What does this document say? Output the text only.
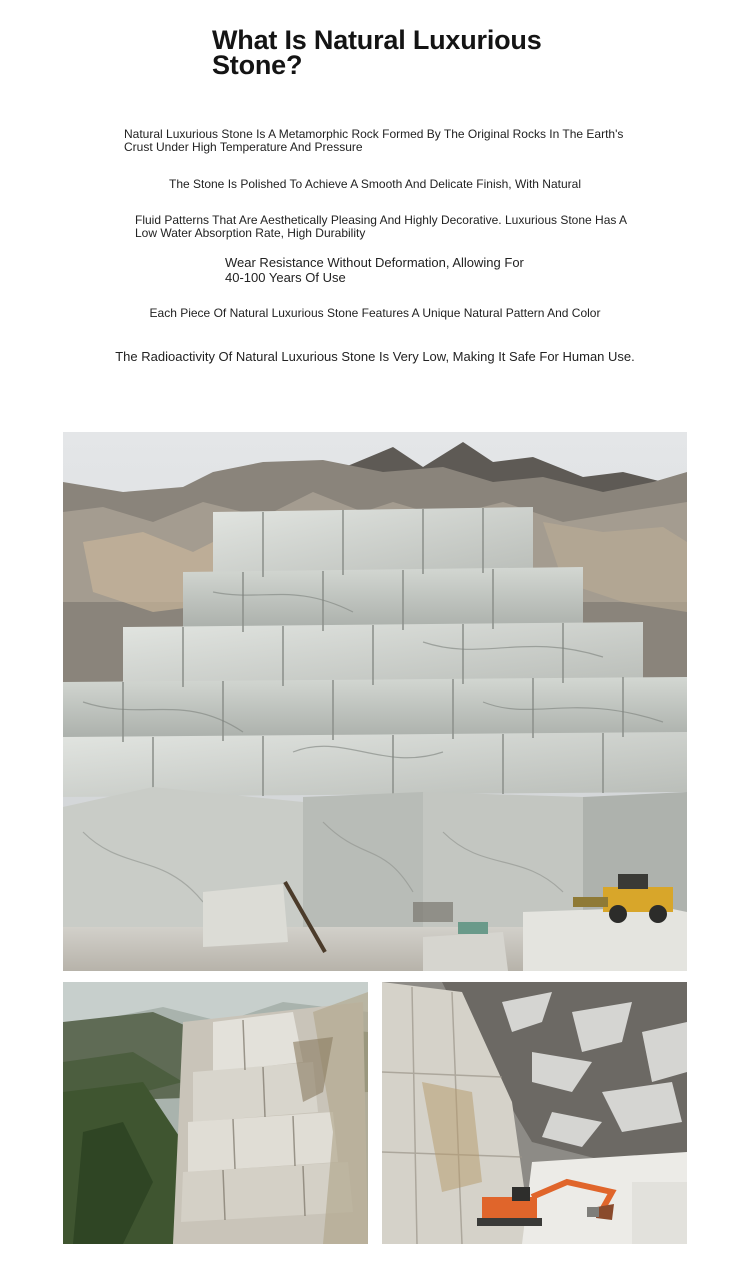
What Is Natural Luxurious Stone?

Natural Luxurious Stone Is A Metamorphic Rock Formed By The Original Rocks In The Earth's Crust Under High Temperature And Pressure

The Stone Is Polished To Achieve A Smooth And Delicate Finish, With Natural

Fluid Patterns That Are Aesthetically Pleasing And Highly Decorative. Luxurious Stone Has A Low Water Absorption Rate, High Durability

Wear Resistance Without Deformation, Allowing For 40-100 Years Of Use

Each Piece Of Natural Luxurious Stone Features A Unique Natural Pattern And Color

The Radioactivity Of Natural Luxurious Stone Is Very Low, Making It Safe For Human Use.
